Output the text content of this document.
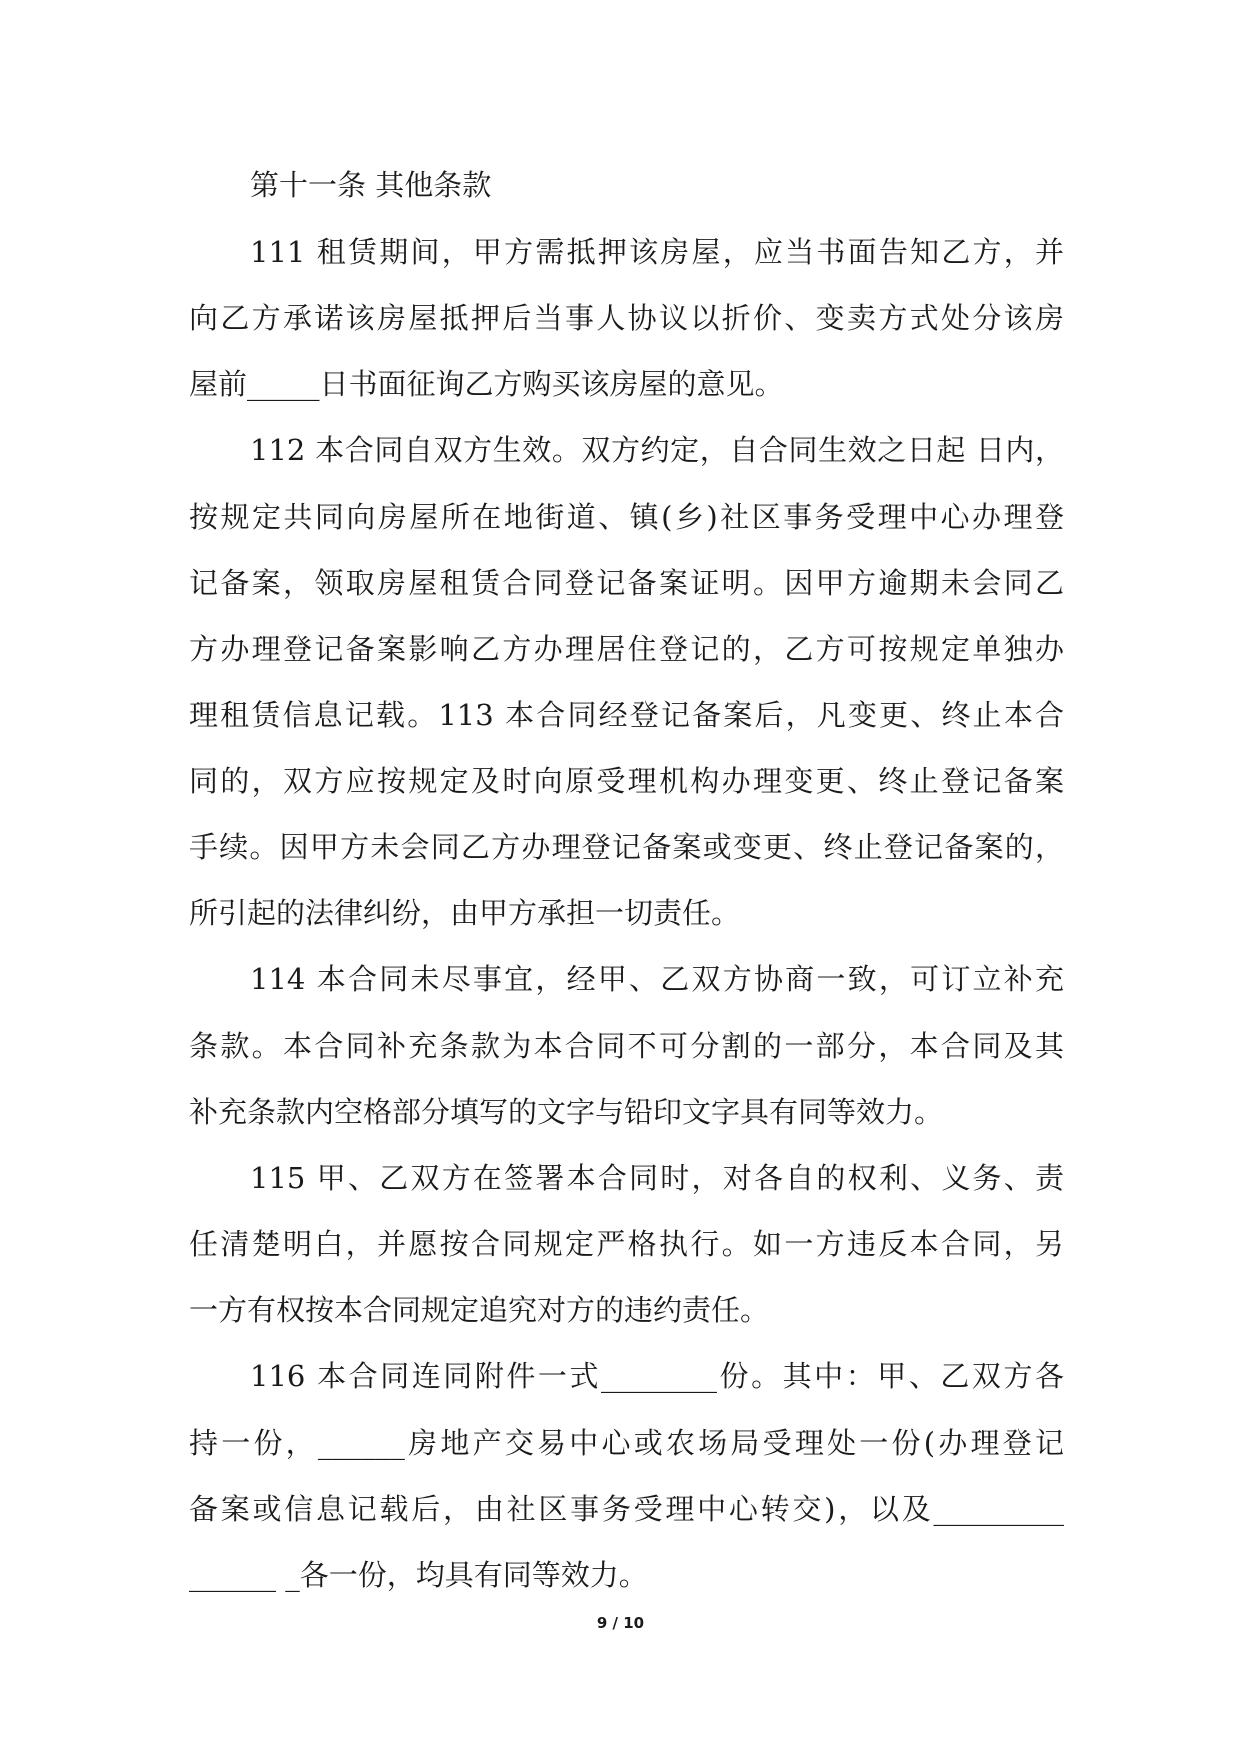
第十一条 其他条款
111 租赁期间，甲方需抵押该房屋，应当书面告知乙方，并
向乙方承诺该房屋抵押后当事人协议以折价、变卖方式处分该房
屋前_____日书面征询乙方购买该房屋的意见。
112 本合同自双方生效。双方约定，自合同生效之日起 日内，
按规定共同向房屋所在地街道、镇(乡)社区事务受理中心办理登
记备案，领取房屋租赁合同登记备案证明。因甲方逾期未会同乙
方办理登记备案影响乙方办理居住登记的，乙方可按规定单独办
理租赁信息记载。113 本合同经登记备案后，凡变更、终止本合
同的，双方应按规定及时向原受理机构办理变更、终止登记备案
手续。因甲方未会同乙方办理登记备案或变更、终止登记备案的，
所引起的法律纠纷，由甲方承担一切责任。
114 本合同未尽事宜，经甲、乙双方协商一致，可订立补充
条款。本合同补充条款为本合同不可分割的一部分，本合同及其
补充条款内空格部分填写的文字与铅印文字具有同等效力。
115 甲、乙双方在签署本合同时，对各自的权利、义务、责
任清楚明白，并愿按合同规定严格执行。如一方违反本合同，另
一方有权按本合同规定追究对方的违约责任。
116 本合同连同附件一式________份。其中：甲、乙双方各
持一份，______房地产交易中心或农场局受理处一份(办理登记
备案或信息记载后，由社区事务受理中心转交)，以及_________
______ _各一份，均具有同等效力。
9 / 10
